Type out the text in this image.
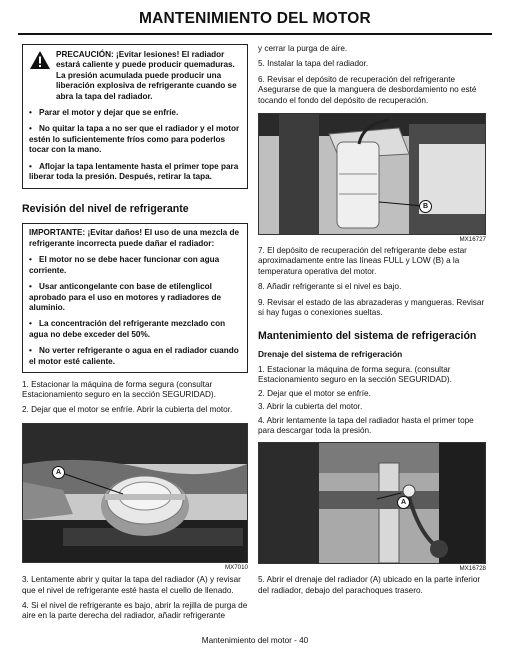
MANTENIMIENTO DEL MOTOR

PRECAUCIÓN: ¡Evitar lesiones! El radiador estará caliente y puede producir quemaduras. La presión acumulada puede producir una liberación explosiva de refrigerante cuando se abra la tapa del radiador.

• Parar el motor y dejar que se enfríe.

• No quitar la tapa a no ser que el radiador y el motor estén lo suficientemente fríos como para poderlos tocar con la mano.

• Aflojar la tapa lentamente hasta el primer tope para liberar toda la presión. Después, retirar la tapa.

Revisión del nivel de refrigerante

IMPORTANTE: ¡Evitar daños! El uso de una mezcla de refrigerante incorrecta puede dañar el radiador:

• El motor no se debe hacer funcionar con agua corriente.

• Usar anticongelante con base de etilenglicol aprobado para el uso en motores y radiadores de aluminio.

• La concentración del refrigerante mezclado con agua no debe exceder del 50%.

• No verter refrigerante o agua en el radiador cuando el motor esté caliente.

1. Estacionar la máquina de forma segura (consultar Estacionamiento seguro en la sección SEGURIDAD).

2. Dejar que el motor se enfríe. Abrir la cubierta del motor.

A
MX7010

3. Lentamente abrir y quitar la tapa del radiador (A) y revisar que el nivel de refrigerante esté hasta el cuello de llenado.

4. Si el nivel de refrigerante es bajo, abrir la rejilla de purga de aire en la parte derecha del radiador, añadir refrigerante

y cerrar la purga de aire.

5. Instalar la tapa del radiador.

6. Revisar el depósito de recuperación del refrigerante Asegurarse de que la manguera de desbordamiento no esté tocando el fondo del depósito de recuperación.

B
MX16727

7. El depósito de recuperación del refrigerante debe estar aproximadamente entre las líneas FULL y LOW (B) a la temperatura operativa del motor.

8. Añadir refrigerante si el nivel es bajo.

9. Revisar el estado de las abrazaderas y mangueras. Revisar si hay fugas o conexiones sueltas.

Mantenimiento del sistema de refrigeración
Drenaje del sistema de refrigeración

1. Estacionar la máquina de forma segura. (consultar Estacionamiento seguro en la sección SEGURIDAD).

2. Dejar que el motor se enfríe.

3. Abrir la cubierta del motor.

4. Abrir lentamente la tapa del radiador hasta el primer tope para descargar toda la presión.

A
MX16728

5. Abrir el drenaje del radiador (A) ubicado en la parte inferior del radiador, debajo del parachoques trasero.

Mantenimiento del motor - 40
